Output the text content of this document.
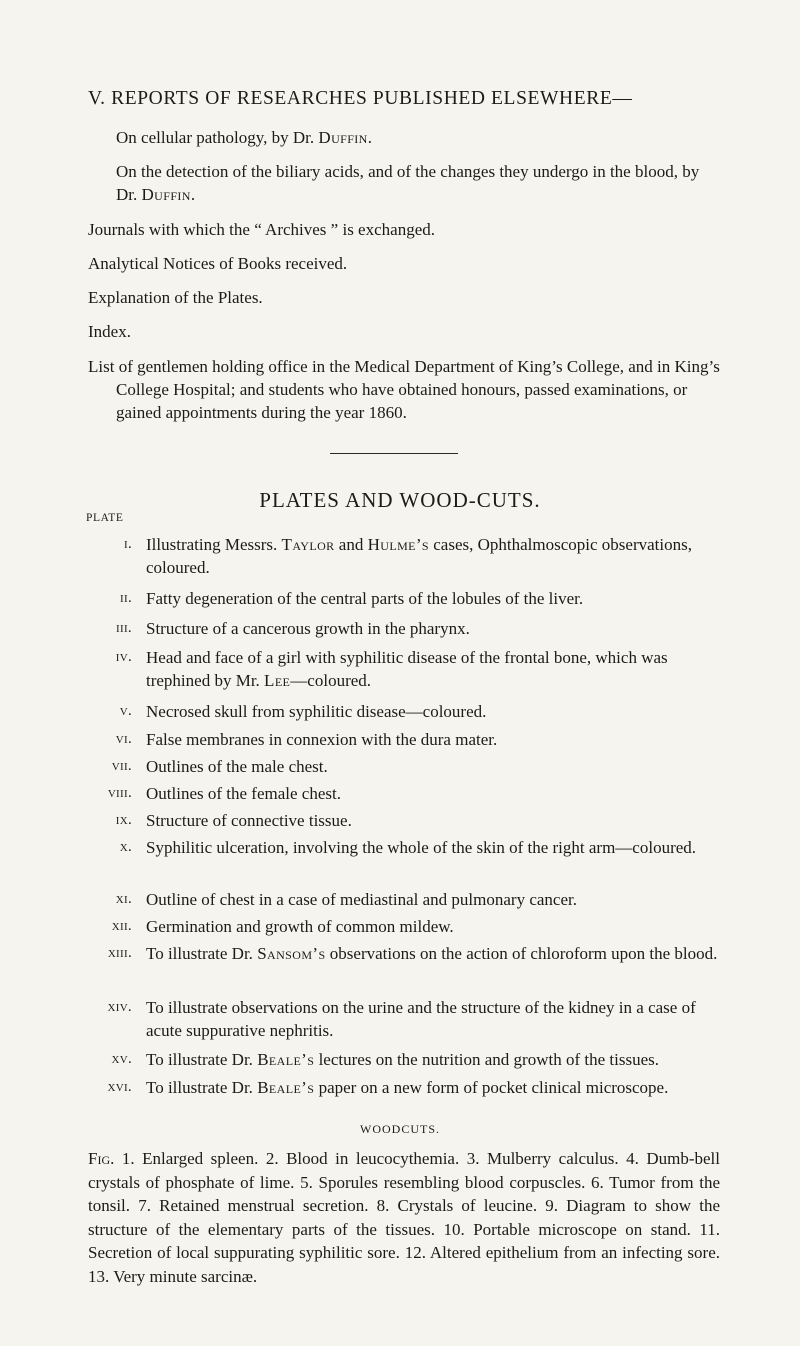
V. REPORTS OF RESEARCHES PUBLISHED ELSEWHERE—
On cellular pathology, by Dr. Duffin.
On the detection of the biliary acids, and of the changes they undergo in the blood, by Dr. Duffin.
Journals with which the “ Archives ” is exchanged.
Analytical Notices of Books received.
Explanation of the Plates.
Index.
List of gentlemen holding office in the Medical Department of King’s College, and in King’s College Hospital; and students who have obtained honours, passed examinations, or gained appointments during the year 1860.
PLATES AND WOOD-CUTS.
PLATE
i. Illustrating Messrs. Taylor and Hulme’s cases, Ophthalmoscopic observations, coloured.
ii. Fatty degeneration of the central parts of the lobules of the liver.
iii. Structure of a cancerous growth in the pharynx.
iv. Head and face of a girl with syphilitic disease of the frontal bone, which was trephined by Mr. Lee—coloured.
v. Necrosed skull from syphilitic disease—coloured.
vi. False membranes in connexion with the dura mater.
vii. Outlines of the male chest.
viii. Outlines of the female chest.
ix. Structure of connective tissue.
x. Syphilitic ulceration, involving the whole of the skin of the right arm—coloured.
xi. Outline of chest in a case of mediastinal and pulmonary cancer.
xii. Germination and growth of common mildew.
xiii. To illustrate Dr. Sansom’s observations on the action of chloroform upon the blood.
xiv. To illustrate observations on the urine and the structure of the kidney in a case of acute suppurative nephritis.
xv. To illustrate Dr. Beale’s lectures on the nutrition and growth of the tissues.
xvi. To illustrate Dr. Beale’s paper on a new form of pocket clinical microscope.
WOODCUTS.
Fig. 1. Enlarged spleen. 2. Blood in leucocythemia. 3. Mulberry calculus. 4. Dumb-bell crystals of phosphate of lime. 5. Sporules resembling blood corpuscles. 6. Tumor from the tonsil. 7. Retained menstrual secretion. 8. Crystals of leucine. 9. Diagram to show the structure of the elementary parts of the tissues. 10. Portable microscope on stand. 11. Secretion of local suppurating syphilitic sore. 12. Altered epithelium from an infecting sore. 13. Very minute sarcinæ.
